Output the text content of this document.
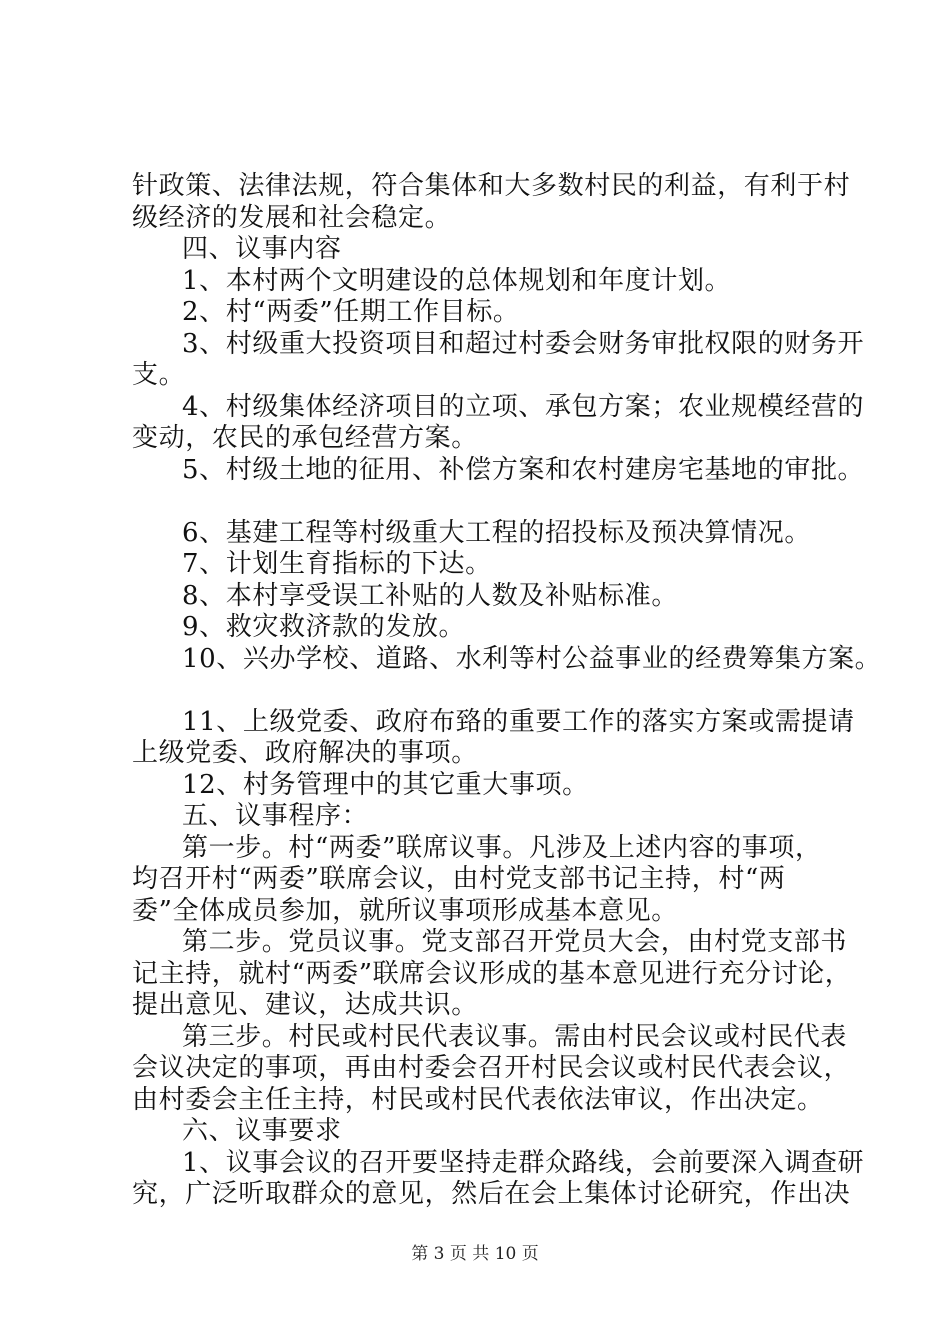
针政策、法律法规，符合集体和大多数村民的利益，有利于村
级经济的发展和社会稳定。
四、议事内容
1、本村两个文明建设的总体规划和年度计划。
2、村“两委”任期工作目标。
3、村级重大投资项目和超过村委会财务审批权限的财务开
支。
4、村级集体经济项目的立项、承包方案；农业规模经营的
变动，农民的承包经营方案。
5、村级土地的征用、补偿方案和农村建房宅基地的审批。
6、基建工程等村级重大工程的招投标及预决算情况。
7、计划生育指标的下达。
8、本村享受误工补贴的人数及补贴标准。
9、救灾救济款的发放。
10、兴办学校、道路、水利等村公益事业的经费筹集方案。
11、上级党委、政府布臵的重要工作的落实方案或需提请
上级党委、政府解决的事项。
12、村务管理中的其它重大事项。
五、议事程序：
第一步。村“两委”联席议事。凡涉及上述内容的事项，
均召开村“两委”联席会议，由村党支部书记主持，村“两
委”全体成员参加，就所议事项形成基本意见。
第二步。党员议事。党支部召开党员大会，由村党支部书
记主持，就村“两委”联席会议形成的基本意见进行充分讨论，
提出意见、建议，达成共识。
第三步。村民或村民代表议事。需由村民会议或村民代表
会议决定的事项，再由村委会召开村民会议或村民代表会议，
由村委会主任主持，村民或村民代表依法审议，作出决定。
六、议事要求
1、议事会议的召开要坚持走群众路线，会前要深入调查研
究，广泛听取群众的意见，然后在会上集体讨论研究，作出决
第 3 页 共 10 页
